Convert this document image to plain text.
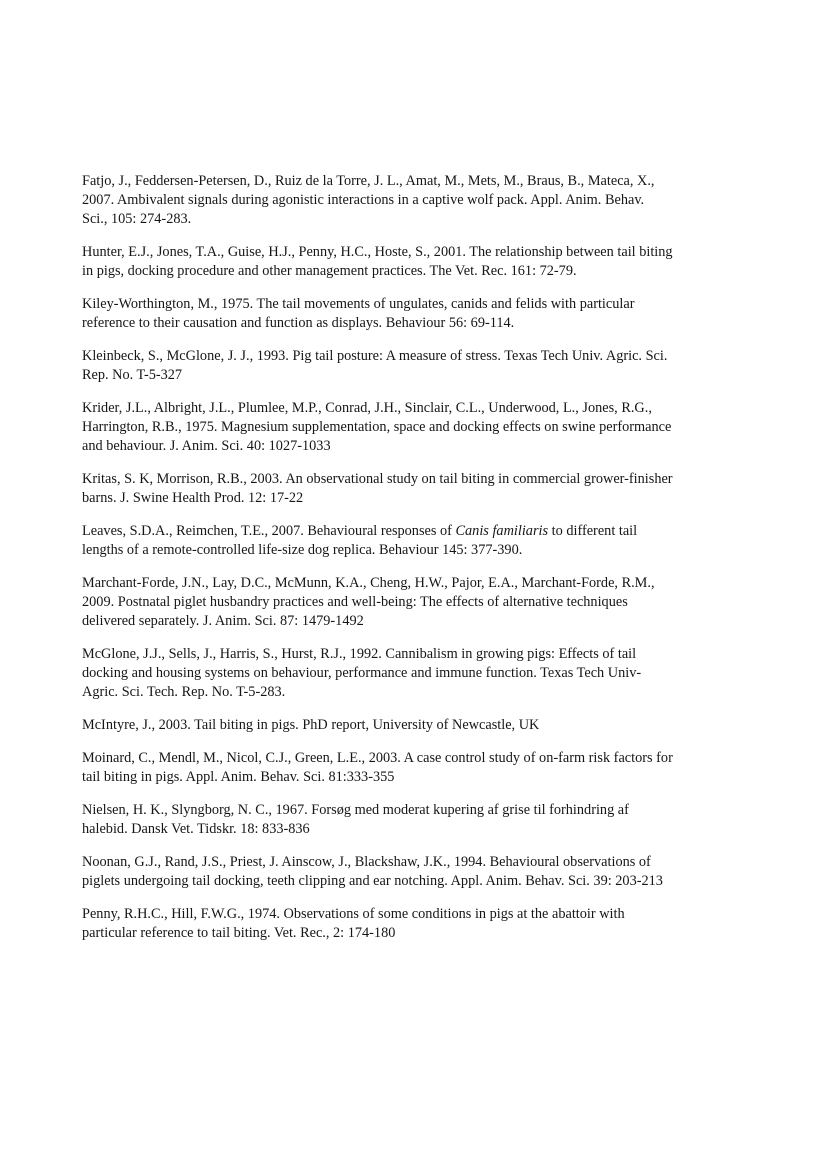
Fatjo, J., Feddersen-Petersen, D., Ruiz de la Torre, J. L., Amat, M., Mets, M., Braus, B., Mateca, X.,
2007. Ambivalent signals during agonistic interactions in a captive wolf pack. Appl. Anim. Behav.
Sci., 105: 274-283.
Hunter, E.J., Jones, T.A., Guise, H.J., Penny, H.C., Hoste, S., 2001. The relationship between tail biting
in pigs, docking procedure and other management practices. The Vet. Rec. 161: 72-79.
Kiley-Worthington, M., 1975. The tail movements of ungulates, canids and felids with particular
reference to their causation and function as displays. Behaviour 56: 69-114.
Kleinbeck, S., McGlone, J. J., 1993. Pig tail posture: A measure of stress. Texas Tech Univ. Agric. Sci.
Rep. No. T-5-327
Krider, J.L., Albright, J.L., Plumlee, M.P., Conrad, J.H., Sinclair, C.L., Underwood, L., Jones, R.G.,
Harrington, R.B., 1975. Magnesium supplementation, space and docking effects on swine performance
and behaviour. J. Anim. Sci. 40: 1027-1033
Kritas, S. K, Morrison, R.B., 2003. An observational study on tail biting in commercial grower-finisher
barns. J. Swine Health Prod. 12: 17-22
Leaves, S.D.A., Reimchen, T.E., 2007. Behavioural responses of Canis familiaris to different tail
lengths of a remote-controlled life-size dog replica. Behaviour 145: 377-390.
Marchant-Forde, J.N., Lay, D.C., McMunn, K.A., Cheng, H.W., Pajor, E.A., Marchant-Forde, R.M.,
2009. Postnatal piglet husbandry practices and well-being: The effects of alternative techniques
delivered separately. J. Anim. Sci. 87: 1479-1492
McGlone, J.J., Sells, J., Harris, S., Hurst, R.J., 1992. Cannibalism in growing pigs: Effects of tail
docking and housing systems on behaviour, performance and immune function. Texas Tech Univ-
Agric. Sci. Tech. Rep. No. T-5-283.
McIntyre, J., 2003. Tail biting in pigs. PhD report, University of Newcastle, UK
Moinard, C., Mendl, M., Nicol, C.J., Green, L.E., 2003. A case control study of on-farm risk factors for
tail biting in pigs. Appl. Anim. Behav. Sci. 81:333-355
Nielsen, H. K., Slyngborg, N. C., 1967. Forsøg med moderat kupering af grise til forhindring af
halebid. Dansk Vet. Tidskr. 18: 833-836
Noonan, G.J., Rand, J.S., Priest, J. Ainscow, J., Blackshaw, J.K., 1994. Behavioural observations of
piglets undergoing tail docking, teeth clipping and ear notching. Appl. Anim. Behav. Sci. 39: 203-213
Penny, R.H.C., Hill, F.W.G., 1974. Observations of some conditions in pigs at the abattoir with
particular reference to tail biting. Vet. Rec., 2: 174-180
